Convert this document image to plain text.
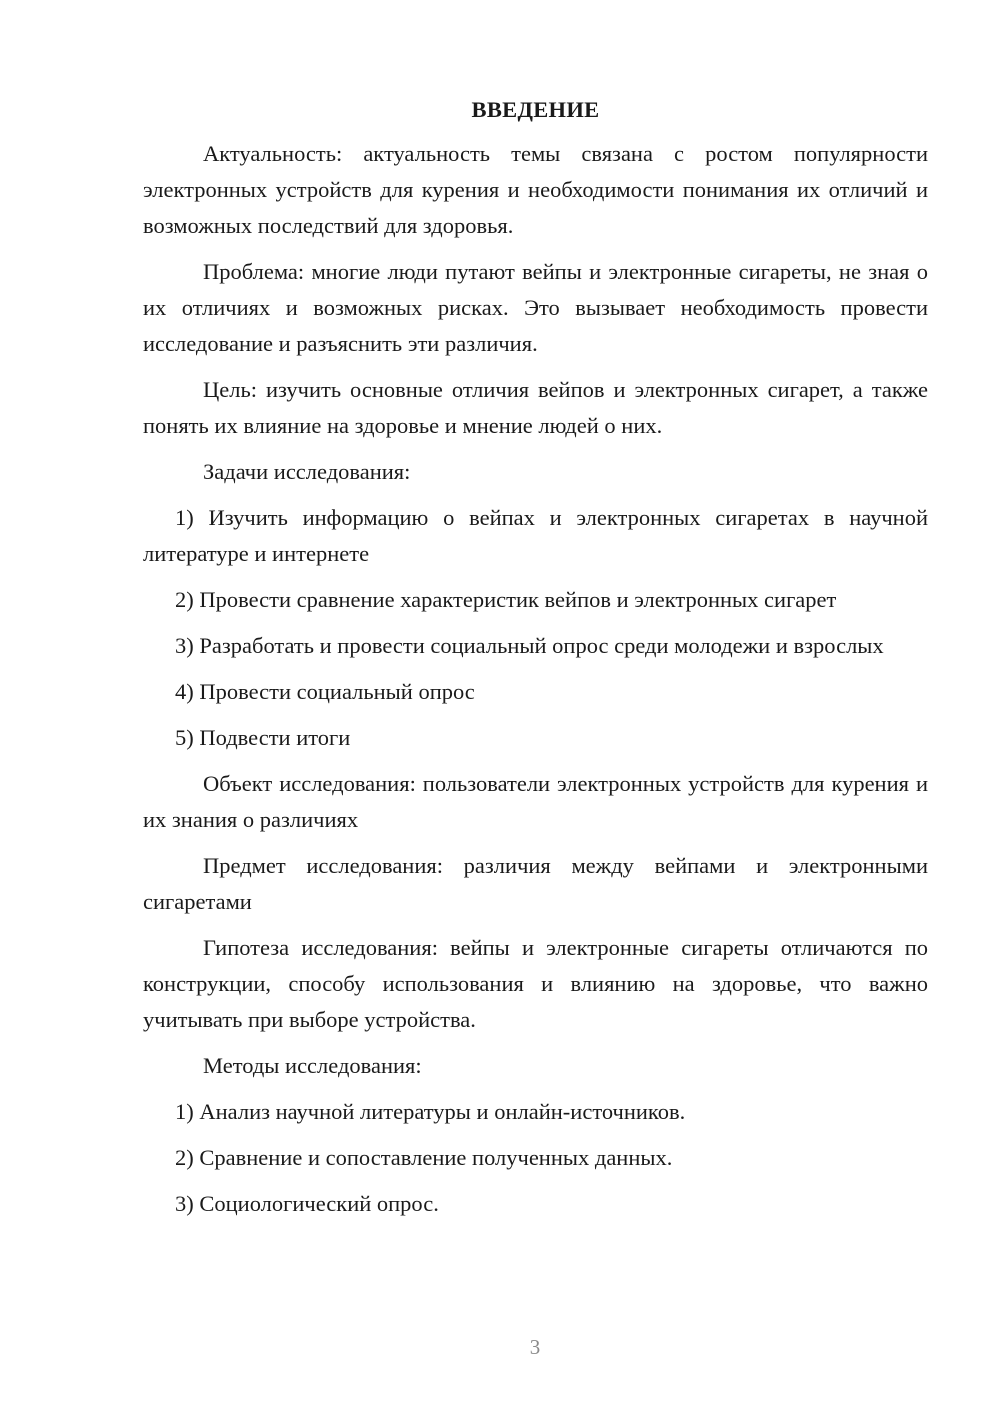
ВВЕДЕНИЕ

Актуальность: актуальность темы связана с ростом популярности электронных устройств для курения и необходимости понимания их отличий и возможных последствий для здоровья.

Проблема: многие люди путают вейпы и электронные сигареты, не зная о их отличиях и возможных рисках. Это вызывает необходимость провести исследование и разъяснить эти различия.

Цель: изучить основные отличия вейпов и электронных сигарет, а также понять их влияние на здоровье и мнение людей о них.

Задачи исследования:

1) Изучить информацию о вейпах и электронных сигаретах в научной литературе и интернете

2) Провести сравнение характеристик вейпов и электронных сигарет

3) Разработать и провести социальный опрос среди молодежи и взрослых

4) Провести социальный опрос

5) Подвести итоги

Объект исследования: пользователи электронных устройств для курения и их знания о различиях

Предмет исследования: различия между вейпами и электронными сигаретами

Гипотеза исследования: вейпы и электронные сигареты отличаются по конструкции, способу использования и влиянию на здоровье, что важно учитывать при выборе устройства.

Методы исследования:

1) Анализ научной литературы и онлайн-источников.

2) Сравнение и сопоставление полученных данных.

3) Социологический опрос.

3
